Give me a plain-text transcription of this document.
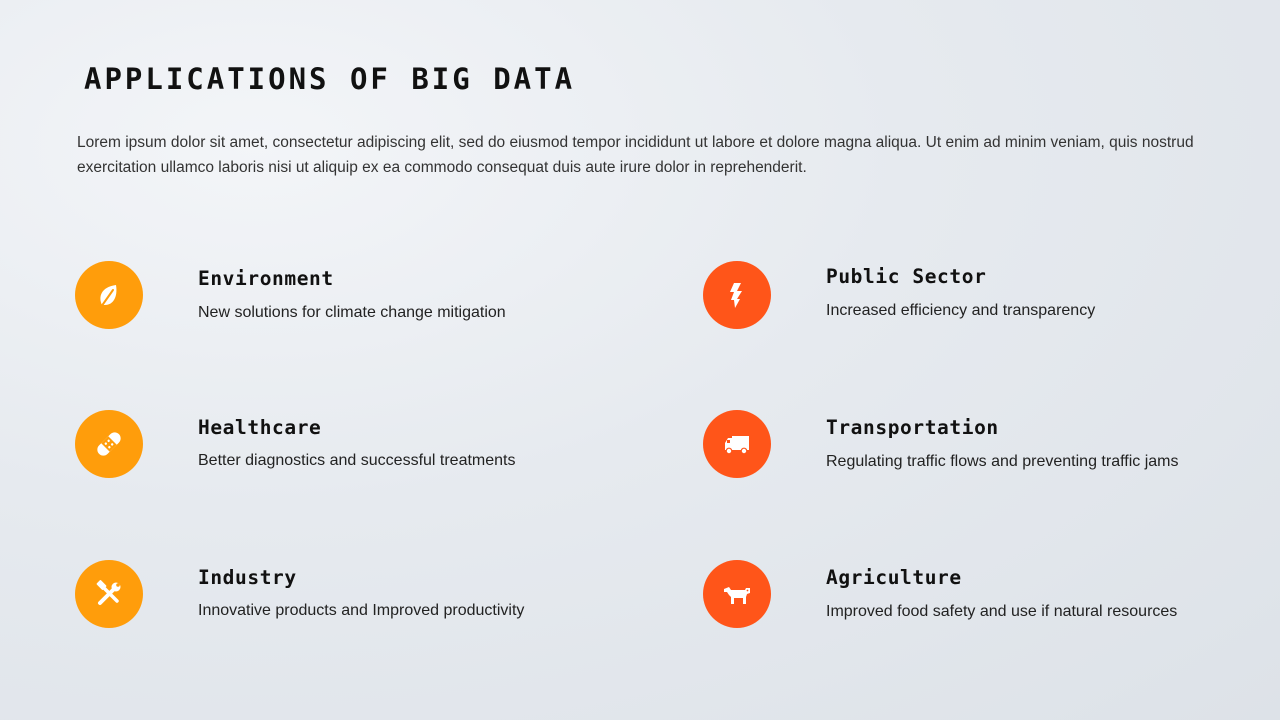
APPLICATIONS OF BIG DATA

Lorem ipsum dolor sit amet, consectetur adipiscing elit, sed do eiusmod tempor incididunt ut labore et dolore magna aliqua. Ut enim ad minim veniam, quis nostrud exercitation ullamco laboris nisi ut aliquip ex ea commodo consequat duis aute irure dolor in reprehenderit.

Environment
New solutions for climate change mitigation
Public Sector
Increased efficiency and transparency
Healthcare
Better diagnostics and successful treatments
Transportation
Regulating traffic flows and preventing traffic jams
Industry
Innovative products and Improved productivity
Agriculture
Improved food safety and use if natural resources
